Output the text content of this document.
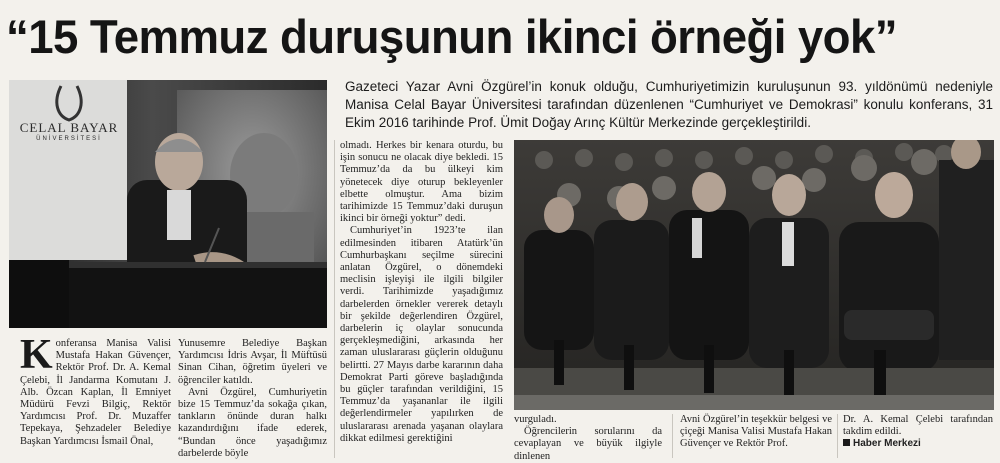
“15 Temmuz duruşunun ikinci örneği yok”
Gazeteci Yazar Avni Özgürel’in konuk olduğu, Cumhuriyetimizin kuruluşunun 93. yıldönümü nedeniyle Manisa Celal Bayar Üniversitesi tarafından düzenlenen “Cumhuriyet ve Demokrasi” konulu konferans, 31 Ekim 2016 tarihinde Prof. Ümit Doğay Arınç Kültür Merkezinde gerçekleştirildi.
CELAL BAYAR
ÜNİVERSİTESİ

Konferansa Manisa Valisi Mustafa Hakan Güvençer, Rektör Prof. Dr. A. Kemal Çelebi, İl Jandarma Komutanı J. Alb. Özcan Kaplan, İl Emniyet Müdürü Fevzi Bilgiç, Rektör Yardımcısı Prof. Dr. Muzaffer Tepekaya, Şehzadeler Belediye Başkan Yardımcısı İsmail Önal,

Yunusemre Belediye Başkan Yardımcısı İdris Avşar, İl Müftüsü Sinan Cihan, öğretim üyeleri ve öğrenciler katıldı.

Avni Özgürel, Cumhuriyetin bize 15 Temmuz’da sokağa çıkan, tankların önünde duran halkı kazandırdığını ifade ederek, “Bundan önce yaşadığımız darbelerde böyle

olmadı. Herkes bir kenara oturdu, bu işin sonucu ne olacak diye bekledi. 15 Temmuz’da da bu ülkeyi kim yönetecek diye oturup bekleyenler elbette olmuştur. Ama bizim tarihimizde 15 Temmuz’daki duruşun ikinci bir örneği yoktur” dedi.

Cumhuriyet’in 1923’te ilan edilmesinden itibaren Atatürk’ün Cumhurbaşkanı seçilme sürecini anlatan Özgürel, o dönemdeki meclisin işleyişi ile ilgili bilgiler verdi. Tarihimizde yaşadığımız darbelerden örnekler vererek detaylı bir şekilde değerlendiren Özgürel, darbelerin iç olaylar sonucunda gerçekleşmediğini, arkasında her zaman uluslararası güçlerin olduğunu belirtti. 27 Mayıs darbe kararının daha Demokrat Parti göreve başladığında bu güçler tarafından verildiğini, 15 Temmuz’da yaşananlar ile ilgili değerlendirmeler yapılırken de uluslararası arenada yaşanan olaylara dikkat edilmesi gerektiğini

vurguladı.

Öğrencilerin sorularını da cevaplayan ve büyük ilgiyle dinlenen

Avni Özgürel’in teşekkür belgesi ve çiçeği Manisa Valisi Mustafa Hakan Güvençer ve Rektör Prof.

Dr. A. Kemal Çelebi tarafından takdim edildi.

Haber Merkezi
